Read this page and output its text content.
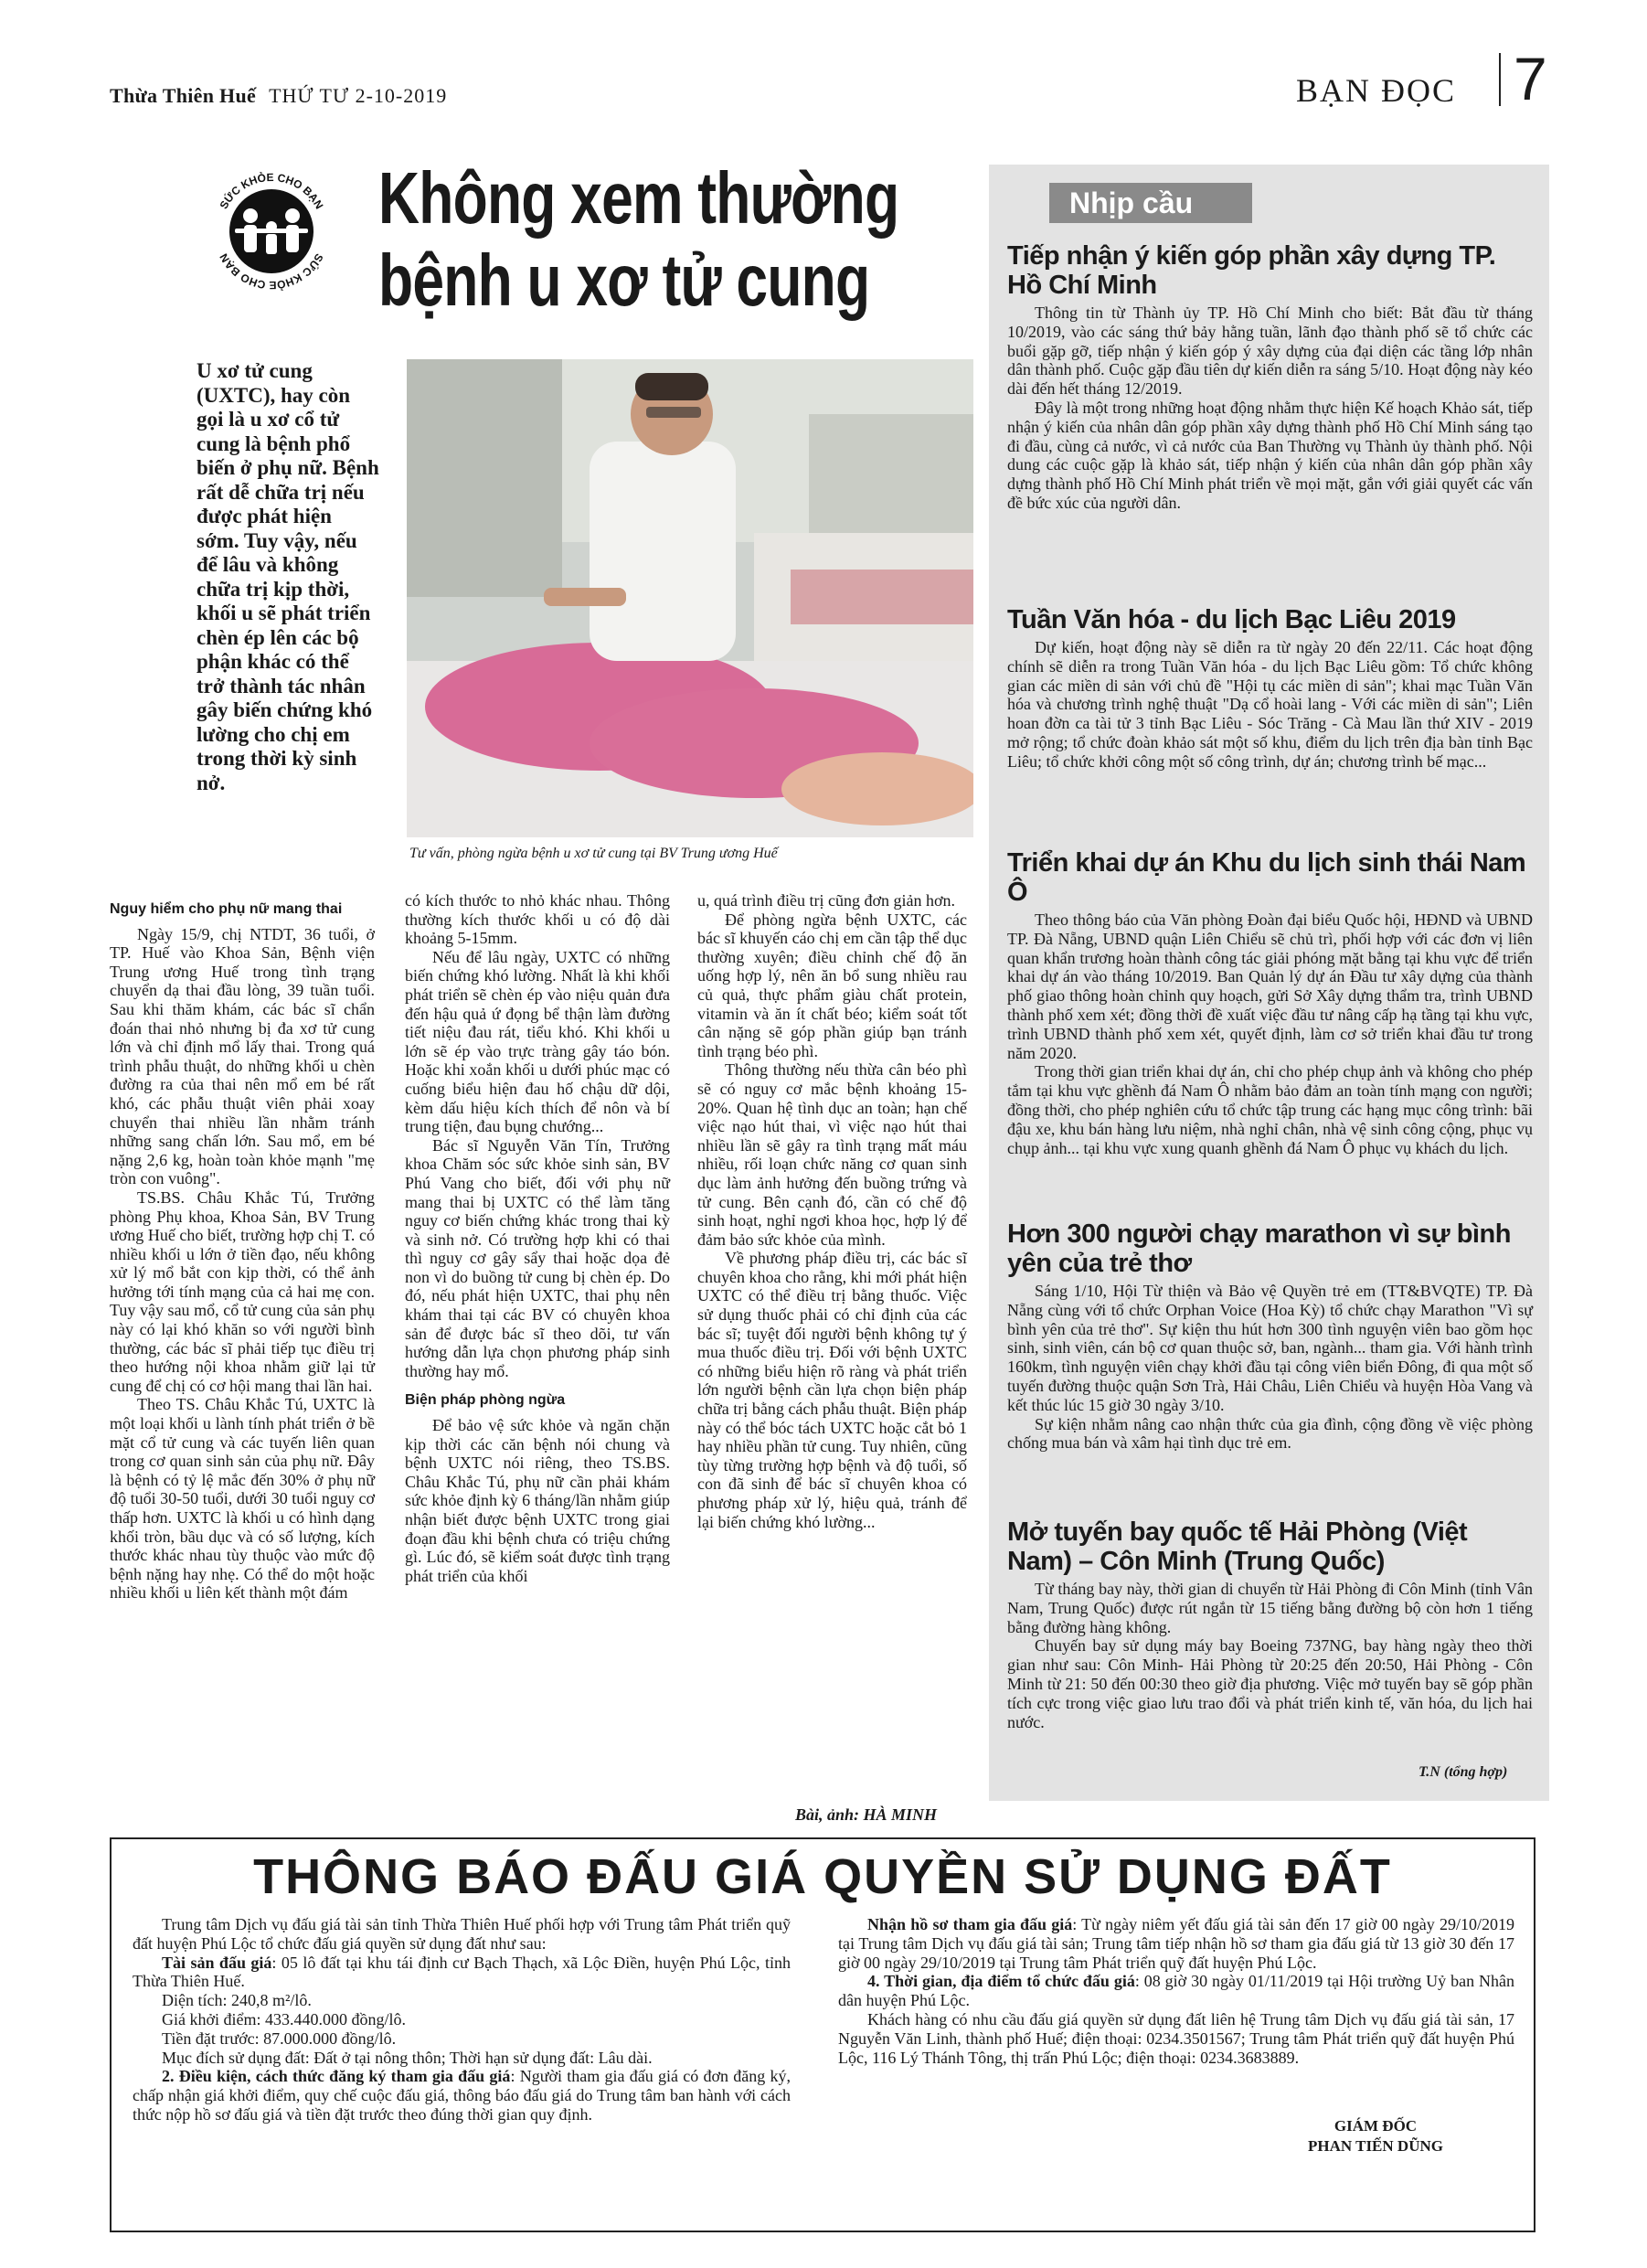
Thừa Thiên Huế THỨ TƯ 2-10-2019	BẠN ĐỌC 7
SỨC KHỎE CHO BẠN
SỨC KHỎE CHO BẠN
Không xem thường
bệnh u xơ tử cung
U xơ tử cung (UXTC), hay còn gọi là u xơ cổ tử cung là bệnh phổ biến ở phụ nữ. Bệnh rất dễ chữa trị nếu được phát hiện sớm. Tuy vậy, nếu để lâu và không chữa trị kịp thời, khối u sẽ phát triển chèn ép lên các bộ phận khác có thể trở thành tác nhân gây biến chứng khó lường cho chị em trong thời kỳ sinh nở.
Tư vấn, phòng ngừa bệnh u xơ tử cung tại BV Trung ương Huế
Nguy hiểm cho phụ nữ mang thai

Ngày 15/9, chị NTDT, 36 tuổi, ở TP. Huế vào Khoa Sản, Bệnh viện Trung ương Huế trong tình trạng chuyển dạ thai đầu lòng, 39 tuần tuổi. Sau khi thăm khám, các bác sĩ chẩn đoán thai nhỏ nhưng bị đa xơ tử cung lớn và chỉ định mổ lấy thai. Trong quá trình phẫu thuật, do những khối u chèn đường ra của thai nên mổ em bé rất khó, các phẫu thuật viên phải xoay chuyển thai nhiều lần nhằm tránh những sang chấn lớn. Sau mổ, em bé nặng 2,6 kg, hoàn toàn khỏe mạnh "mẹ tròn con vuông".

TS.BS. Châu Khắc Tú, Trưởng phòng Phụ khoa, Khoa Sản, BV Trung ương Huế cho biết, trường hợp chị T. có nhiều khối u lớn ở tiền đạo, nếu không xử lý mổ bắt con kịp thời, có thể ảnh hưởng tới tính mạng của cả hai mẹ con. Tuy vậy sau mổ, cổ tử cung của sản phụ này có lại khó khăn so với người bình thường, các bác sĩ phải tiếp tục điều trị theo hướng nội khoa nhằm giữ lại tử cung để chị có cơ hội mang thai lần hai.

Theo TS. Châu Khắc Tú, UXTC là một loại khối u lành tính phát triển ở bề mặt cổ tử cung và các tuyến liên quan trong cơ quan sinh sản của phụ nữ. Đây là bệnh có tỷ lệ mắc đến 30% ở phụ nữ độ tuổi 30-50 tuổi, dưới 30 tuổi nguy cơ thấp hơn. UXTC là khối u có hình dạng khối tròn, bầu dục và có số lượng, kích thước khác nhau tùy thuộc vào mức độ bệnh nặng hay nhẹ. Có thể do một hoặc nhiều khối u liên kết thành một đám

có kích thước to nhỏ khác nhau. Thông thường kích thước khối u có độ dài khoảng 5-15mm.

Nếu để lâu ngày, UXTC có những biến chứng khó lường. Nhất là khi khối phát triển sẽ chèn ép vào niệu quản đưa đến hậu quả ứ đọng bể thận làm đường tiết niệu đau rát, tiểu khó. Khi khối u lớn sẽ ép vào trực tràng gây táo bón. Hoặc khi xoắn khối u dưới phúc mạc có cuống biểu hiện đau hố chậu dữ dội, kèm dấu hiệu kích thích để nôn và bí trung tiện, đau bụng chướng...

Bác sĩ Nguyễn Văn Tín, Trưởng khoa Chăm sóc sức khỏe sinh sản, BV Phú Vang cho biết, đối với phụ nữ mang thai bị UXTC có thể làm tăng nguy cơ biến chứng khác trong thai kỳ và sinh nở. Có trường hợp khi có thai thì nguy cơ gây sẩy thai hoặc dọa đẻ non vì do buồng tử cung bị chèn ép. Do đó, nếu phát hiện UXTC, thai phụ nên khám thai tại các BV có chuyên khoa sản để được bác sĩ theo dõi, tư vấn hướng dẫn lựa chọn phương pháp sinh thường hay mổ.

Biện pháp phòng ngừa

Để bảo vệ sức khỏe và ngăn chặn kịp thời các căn bệnh nói chung và bệnh UXTC nói riêng, theo TS.BS. Châu Khắc Tú, phụ nữ cần phải khám sức khỏe định kỳ 6 tháng/lần nhằm giúp nhận biết được bệnh UXTC trong giai đoạn đầu khi bệnh chưa có triệu chứng gì. Lúc đó, sẽ kiểm soát được tình trạng phát triển của khối

u, quá trình điều trị cũng đơn giản hơn.

Để phòng ngừa bệnh UXTC, các bác sĩ khuyến cáo chị em cần tập thể dục thường xuyên; điều chỉnh chế độ ăn uống hợp lý, nên ăn bổ sung nhiều rau củ quả, thực phẩm giàu chất protein, vitamin và ăn ít chất béo; kiểm soát tốt cân nặng sẽ góp phần giúp bạn tránh tình trạng béo phì.

Thông thường nếu thừa cân béo phì sẽ có nguy cơ mắc bệnh khoảng 15-20%. Quan hệ tình dục an toàn; hạn chế việc nạo hút thai, vì việc nạo hút thai nhiều lần sẽ gây ra tình trạng mất máu nhiều, rối loạn chức năng cơ quan sinh dục làm ảnh hưởng đến buồng trứng và tử cung. Bên cạnh đó, cần có chế độ sinh hoạt, nghỉ ngơi khoa học, hợp lý để đảm bảo sức khỏe của mình.

Về phương pháp điều trị, các bác sĩ chuyên khoa cho rằng, khi mới phát hiện UXTC có thể điều trị bằng thuốc. Việc sử dụng thuốc phải có chỉ định của các bác sĩ; tuyệt đối người bệnh không tự ý mua thuốc điều trị. Đối với bệnh UXTC có những biểu hiện rõ ràng và phát triển lớn người bệnh cần lựa chọn biện pháp chữa trị bằng cách phẫu thuật. Biện pháp này có thể bóc tách UXTC hoặc cắt bỏ 1 hay nhiều phần tử cung. Tuy nhiên, cũng tùy từng trường hợp bệnh và độ tuổi, số con đã sinh để bác sĩ chuyên khoa có phương pháp xử lý, hiệu quả, tránh để lại biến chứng khó lường...

Bài, ảnh: HÀ MINH
Nhịp cầu
Tiếp nhận ý kiến góp phần xây dựng TP. Hồ Chí Minh

Thông tin từ Thành ủy TP. Hồ Chí Minh cho biết: Bắt đầu từ tháng 10/2019, vào các sáng thứ bảy hằng tuần, lãnh đạo thành phố sẽ tổ chức các buổi gặp gỡ, tiếp nhận ý kiến góp ý xây dựng của đại diện các tầng lớp nhân dân thành phố. Cuộc gặp đầu tiên dự kiến diễn ra sáng 5/10. Hoạt động này kéo dài đến hết tháng 12/2019.

Đây là một trong những hoạt động nhằm thực hiện Kế hoạch Khảo sát, tiếp nhận ý kiến của nhân dân góp phần xây dựng thành phố Hồ Chí Minh sáng tạo đi đầu, cùng cả nước, vì cả nước của Ban Thường vụ Thành ủy thành phố. Nội dung các cuộc gặp là khảo sát, tiếp nhận ý kiến của nhân dân góp phần xây dựng thành phố Hồ Chí Minh phát triển về mọi mặt, gắn với giải quyết các vấn đề bức xúc của người dân.

Tuần Văn hóa - du lịch Bạc Liêu 2019

Dự kiến, hoạt động này sẽ diễn ra từ ngày 20 đến 22/11. Các hoạt động chính sẽ diễn ra trong Tuần Văn hóa - du lịch Bạc Liêu gồm: Tổ chức không gian các miền di sản với chủ đề "Hội tụ các miền di sản"; khai mạc Tuần Văn hóa và chương trình nghệ thuật "Dạ cổ hoài lang - Với các miền di sản"; Liên hoan đờn ca tài tử 3 tỉnh Bạc Liêu - Sóc Trăng - Cà Mau lần thứ XIV - 2019 mở rộng; tổ chức đoàn khảo sát một số khu, điểm du lịch trên địa bàn tỉnh Bạc Liêu; tổ chức khởi công một số công trình, dự án; chương trình bế mạc...

Triển khai dự án Khu du lịch sinh thái Nam Ô

Theo thông báo của Văn phòng Đoàn đại biểu Quốc hội, HĐND và UBND TP. Đà Nẵng, UBND quận Liên Chiểu sẽ chủ trì, phối hợp với các đơn vị liên quan khẩn trương hoàn thành công tác giải phóng mặt bằng tại khu vực để triển khai dự án vào tháng 10/2019. Ban Quản lý dự án Đầu tư xây dựng của thành phố giao thông hoàn chỉnh quy hoạch, gửi Sở Xây dựng thẩm tra, trình UBND thành phố xem xét; đồng thời đề xuất việc đầu tư nâng cấp hạ tầng tại khu vực, trình UBND thành phố xem xét, quyết định, làm cơ sở triển khai đầu tư trong năm 2020.

Trong thời gian triển khai dự án, chỉ cho phép chụp ảnh và không cho phép tắm tại khu vực ghềnh đá Nam Ô nhằm bảo đảm an toàn tính mạng con người; đồng thời, cho phép nghiên cứu tổ chức tập trung các hạng mục công trình: bãi đậu xe, khu bán hàng lưu niệm, nhà nghỉ chân, nhà vệ sinh công cộng, phục vụ chụp ảnh... tại khu vực xung quanh ghềnh đá Nam Ô phục vụ khách du lịch.

Hơn 300 người chạy marathon vì sự bình yên của trẻ thơ

Sáng 1/10, Hội Từ thiện và Bảo vệ Quyền trẻ em (TT&BVQTE) TP. Đà Nẵng cùng với tổ chức Orphan Voice (Hoa Kỳ) tổ chức chạy Marathon "Vì sự bình yên của trẻ thơ". Sự kiện thu hút hơn 300 tình nguyện viên bao gồm học sinh, sinh viên, cán bộ cơ quan thuộc sở, ban, ngành... tham gia. Với hành trình 160km, tình nguyện viên chạy khởi đầu tại công viên biển Đông, đi qua một số tuyến đường thuộc quận Sơn Trà, Hải Châu, Liên Chiểu và huyện Hòa Vang và kết thúc lúc 15 giờ 30 ngày 3/10.

Sự kiện nhằm nâng cao nhận thức của gia đình, cộng đồng về việc phòng chống mua bán và xâm hại tình dục trẻ em.

Mở tuyến bay quốc tế Hải Phòng (Việt Nam) – Côn Minh (Trung Quốc)

Từ tháng bay này, thời gian di chuyển từ Hải Phòng đi Côn Minh (tỉnh Vân Nam, Trung Quốc) được rút ngắn từ 15 tiếng bằng đường bộ còn hơn 1 tiếng bằng đường hàng không.

Chuyến bay sử dụng máy bay Boeing 737NG, bay hàng ngày theo thời gian như sau: Côn Minh- Hải Phòng từ 20:25 đến 20:50, Hải Phòng - Côn Minh từ 21: 50 đến 00:30 theo giờ địa phương. Việc mở tuyến bay sẽ góp phần tích cực trong việc giao lưu trao đổi và phát triển kinh tế, văn hóa, du lịch hai nước.

T.N (tổng hợp)
THÔNG BÁO ĐẤU GIÁ QUYỀN SỬ DỤNG ĐẤT

Trung tâm Dịch vụ đấu giá tài sản tỉnh Thừa Thiên Huế phối hợp với Trung tâm Phát triển quỹ đất huyện Phú Lộc tổ chức đấu giá quyền sử dụng đất như sau:

Tài sản đấu giá: 05 lô đất tại khu tái định cư Bạch Thạch, xã Lộc Điền, huyện Phú Lộc, tỉnh Thừa Thiên Huế.

Diện tích: 240,8 m²/lô.

Giá khởi điểm: 433.440.000 đồng/lô.

Tiền đặt trước: 87.000.000 đồng/lô.

Mục đích sử dụng đất: Đất ở tại nông thôn; Thời hạn sử dụng đất: Lâu dài.

2. Điều kiện, cách thức đăng ký tham gia đấu giá: Người tham gia đấu giá có đơn đăng ký, chấp nhận giá khởi điểm, quy chế cuộc đấu giá, thông báo đấu giá do Trung tâm ban hành với cách thức nộp hồ sơ đấu giá và tiền đặt trước theo đúng thời gian quy định.

Nhận hồ sơ tham gia đấu giá: Từ ngày niêm yết đấu giá tài sản đến 17 giờ 00 ngày 29/10/2019 tại Trung tâm Dịch vụ đấu giá tài sản; Trung tâm tiếp nhận hồ sơ tham gia đấu giá từ 13 giờ 30 đến 17 giờ 00 ngày 29/10/2019 tại Trung tâm Phát triển quỹ đất huyện Phú Lộc.

4. Thời gian, địa điểm tổ chức đấu giá: 08 giờ 30 ngày 01/11/2019 tại Hội trường Uỷ ban Nhân dân huyện Phú Lộc.

Khách hàng có nhu cầu đấu giá quyền sử dụng đất liên hệ Trung tâm Dịch vụ đấu giá tài sản, 17 Nguyễn Văn Linh, thành phố Huế; điện thoại: 0234.3501567; Trung tâm Phát triển quỹ đất huyện Phú Lộc, 116 Lý Thánh Tông, thị trấn Phú Lộc; điện thoại: 0234.3683889.

GIÁM ĐỐC
PHAN TIẾN DŨNG
